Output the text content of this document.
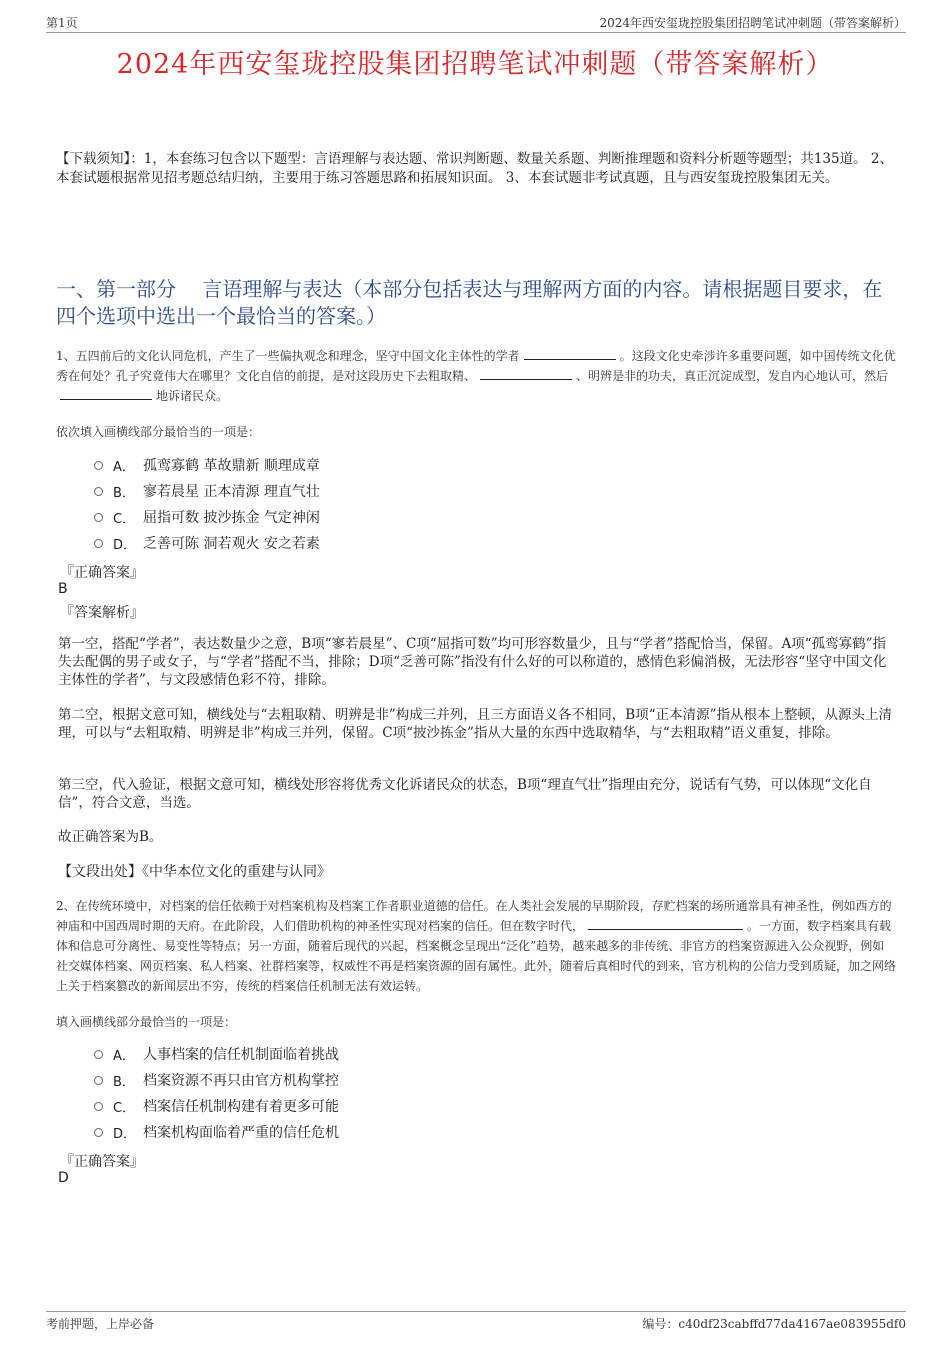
第1页	2024年西安玺珑控股集团招聘笔试冲刺题（带答案解析）
2024年西安玺珑控股集团招聘笔试冲刺题（带答案解析）
【下载须知】：1，本套练习包含以下题型：言语理解与表达题、常识判断题、数量关系题、判断推理题和资料分析题等题型；共135道。 2、本套试题根据常见招考题总结归纳，主要用于练习答题思路和拓展知识面。 3、本套试题非考试真题，且与西安玺珑控股集团无关。
一、第一部分　 言语理解与表达（本部分包括表达与理解两方面的内容。请根据题目要求，在四个选项中选出一个最恰当的答案。）
1、五四前后的文化认同危机，产生了一些偏执观念和理念，坚守中国文化主体性的学者	。这段文化史牵涉许多重要问题，如中国传统文化优秀在何处？孔子究竟伟大在哪里？文化自信的前提，是对这段历史下去粗取精、	、明辨是非的功夫，真正沉淀成型，发自内心地认可，然后地诉诸民众。
依次填入画横线部分最恰当的一项是：
A． 孤鸾寡鹤 革故鼎新 顺理成章
B． 寥若晨星 正本清源 理直气壮
C． 屈指可数 披沙拣金 气定神闲
D． 乏善可陈 洞若观火 安之若素
『正确答案』
B
『答案解析』
第一空，搭配“学者”，表达数量少之意，B项“寥若晨星”、C项“屈指可数”均可形容数量少，且与“学者”搭配恰当，保留。A项“孤鸾寡鹤”指失去配偶的男子或女子，与“学者”搭配不当，排除；D项“乏善可陈”指没有什么好的可以称道的，感情色彩偏消极，无法形容“坚守中国文化主体性的学者”，与文段感情色彩不符，排除。
第二空，根据文意可知，横线处与“去粗取精、明辨是非”构成三并列，且三方面语义各不相同，B项“正本清源”指从根本上整顿，从源头上清理，可以与“去粗取精、明辨是非”构成三并列，保留。C项“披沙拣金”指从大量的东西中选取精华，与“去粗取精”语义重复，排除。
第三空，代入验证，根据文意可知，横线处形容将优秀文化诉诸民众的状态，B项“理直气壮”指理由充分，说话有气势，可以体现“文化自信”，符合文意，当选。
故正确答案为B。
【文段出处】《中华本位文化的重建与认同》
2、在传统环境中，对档案的信任依赖于对档案机构及档案工作者职业道德的信任。在人类社会发展的早期阶段，存贮档案的场所通常具有神圣性，例如西方的神庙和中国西周时期的天府。在此阶段，人们借助机构的神圣性实现对档案的信任。但在数字时代，	。一方面，数字档案具有载体和信息可分离性、易变性等特点；另一方面，随着后现代的兴起，档案概念呈现出“泛化”趋势，越来越多的非传统、非官方的档案资源进入公众视野，例如社交媒体档案、网页档案、私人档案、社群档案等，权威性不再是档案资源的固有属性。此外，随着后真相时代的到来，官方机构的公信力受到质疑，加之网络上关于档案篡改的新闻层出不穷，传统的档案信任机制无法有效运转。
填入画横线部分最恰当的一项是：
A． 人事档案的信任机制面临着挑战
B． 档案资源不再只由官方机构掌控
C． 档案信任机制构建有着更多可能
D． 档案机构面临着严重的信任危机
『正确答案』
D
考前押题，上岸必备	编号：c40df23cabffd77da4167ae083955df0
